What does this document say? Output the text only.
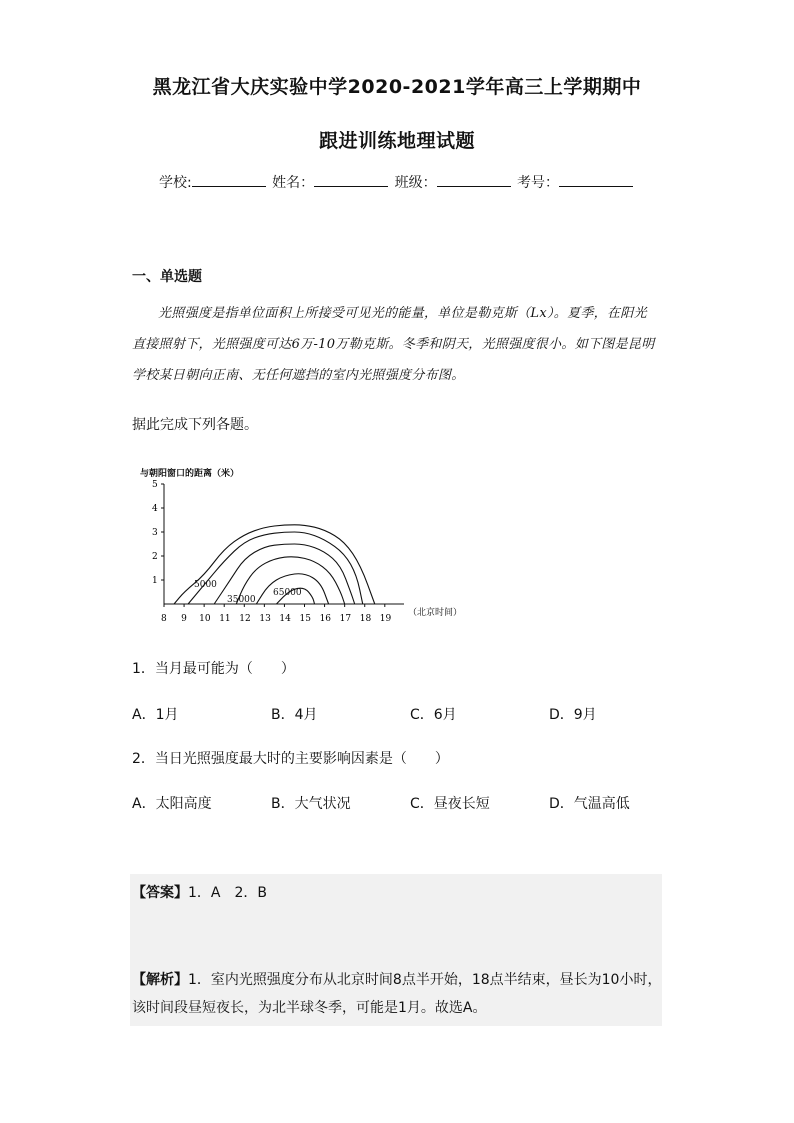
黑龙江省大庆实验中学2020-2021学年高三上学期期中
跟进训练地理试题
学校:	姓名：	班级：	考号：
一、单选题
光照强度是指单位面积上所接受可见光的能量，单位是勒克斯（Lx）。夏季，在阳光直接照射下，光照强度可达6万-10万勒克斯。冬季和阴天，光照强度很小。如下图是昆明学校某日朝向正南、无任何遮挡的室内光照强度分布图。
据此完成下列各题。
与朝阳窗口的距离（米）
1
2
3
4
5
8 9 10 11 12 13 14 15 16 17 18 19
5000
35000
65000
（北京时间）
1．当月最可能为（　　）
A．1月	B．4月	C．6月	D．9月
2．当日光照强度最大时的主要影响因素是（　　）
A．太阳高度	B．大气状况	C．昼夜长短	D．气温高低
【答案】1．A　2．B
【解析】1．室内光照强度分布从北京时间8点半开始，18点半结束，昼长为10小时，该时间段昼短夜长，为北半球冬季，可能是1月。故选A。
